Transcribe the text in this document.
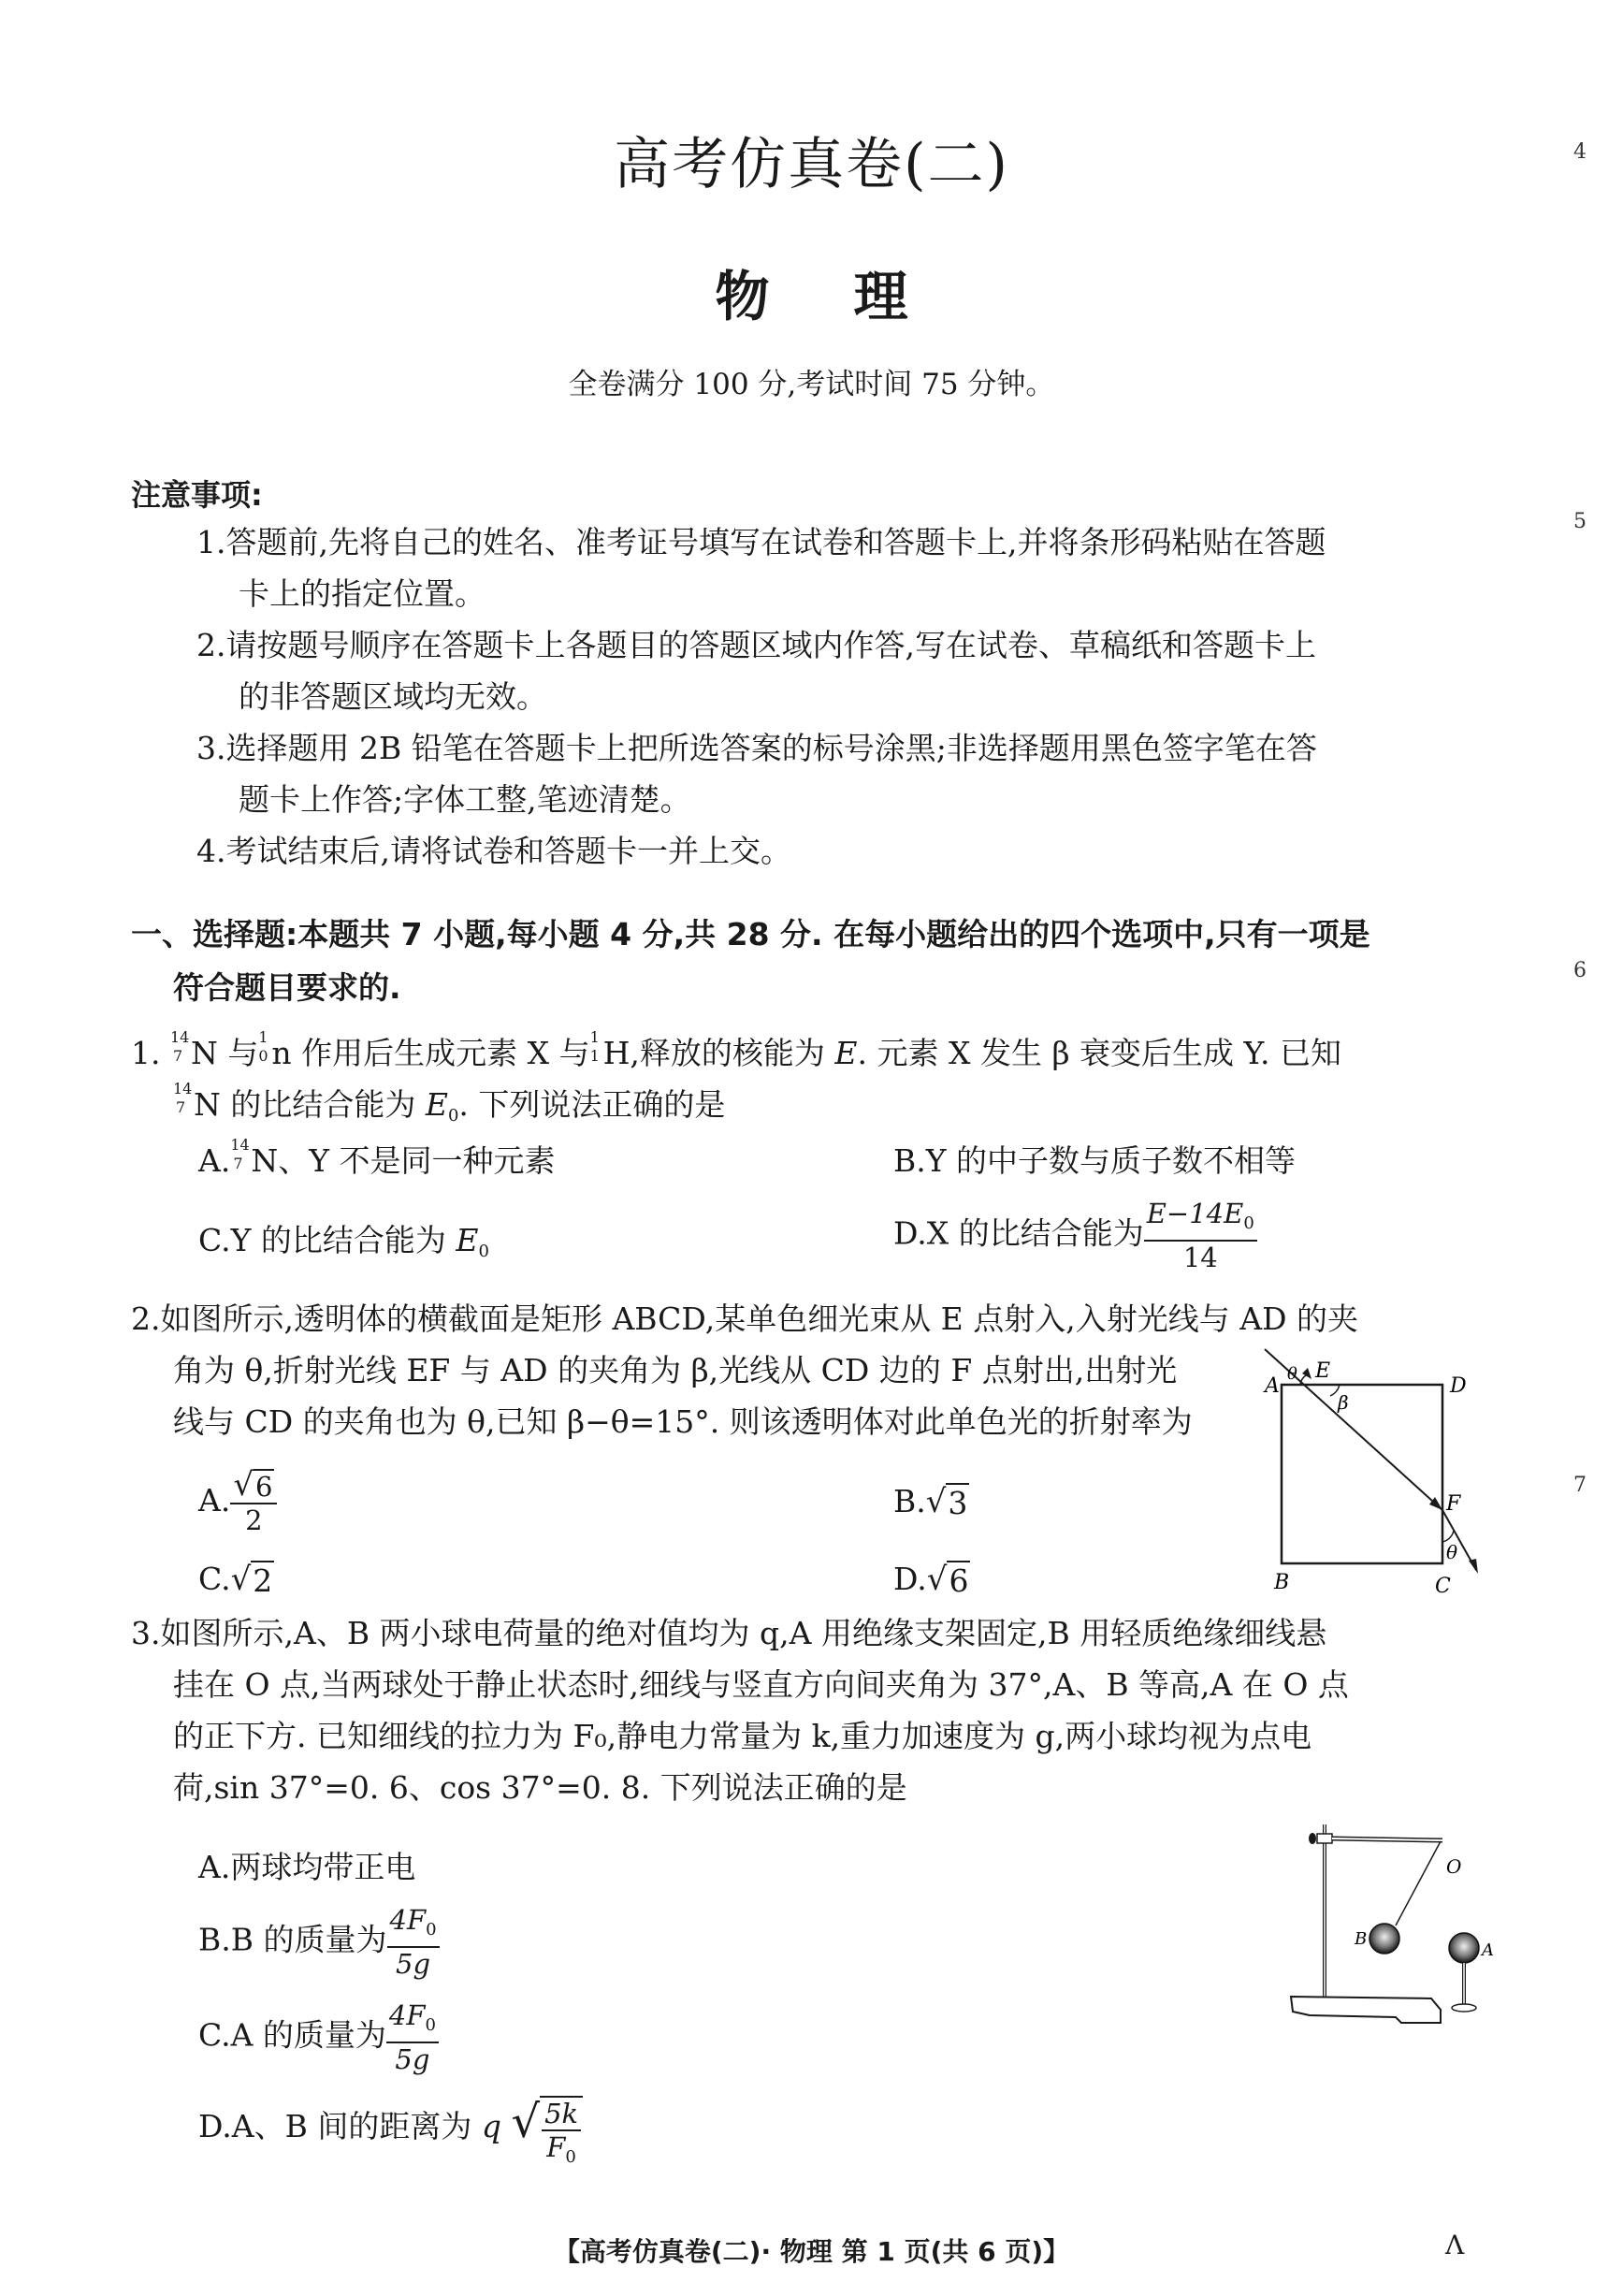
高考仿真卷(二)
物理
全卷满分 100 分,考试时间 75 分钟。
注意事项:
1.答题前,先将自己的姓名、准考证号填写在试卷和答题卡上,并将条形码粘贴在答题
卡上的指定位置。
2.请按题号顺序在答题卡上各题目的答题区域内作答,写在试卷、草稿纸和答题卡上
的非答题区域均无效。
3.选择题用 2B 铅笔在答题卡上把所选答案的标号涂黑;非选择题用黑色签字笔在答
题卡上作答;字体工整,笔迹清楚。
4.考试结束后,请将试卷和答题卡一并上交。
一、选择题:本题共 7 小题,每小题 4 分,共 28 分. 在每小题给出的四个选项中,只有一项是
符合题目要求的.
1. 14
7 N 与 1
0 n 作用后生成元素 X 与 1
1 H,释放的核能为 E. 元素 X 发生 β 衰变后生成 Y. 已知
14
7 N 的比结合能为 E0. 下列说法正确的是
A. 14
7 N、Y 不是同一种元素	B.Y 的中子数与质子数不相等
C.Y 的比结合能为 E0	D.X 的比结合能为 $\frac{E-14E_0}{14}$
2.如图所示,透明体的横截面是矩形 ABCD,某单色细光束从 E 点射入,入射光线与 AD 的夹
角为 θ,折射光线 EF 与 AD 的夹角为 β,光线从 CD 边的 F 点射出,出射光
线与 CD 的夹角也为 θ,已知 β−θ=15°. 则该透明体对此单色光的折射率为
A. $\frac{√ 6}{2}$	B. √ 3
C. √ 2	D. √ 6
A
θ E
D
β
F
θ
B	C
3.如图所示,A、B 两小球电荷量的绝对值均为 q,A 用绝缘支架固定,B 用轻质绝缘细线悬
挂在 O 点,当两球处于静止状态时,细线与竖直方向间夹角为 37°,A、B 等高,A 在 O 点
的正下方. 已知细线的拉力为 F₀,静电力常量为 k,重力加速度为 g,两小球均视为点电
荷,sin 37°=0. 6、cos 37°=0. 8. 下列说法正确的是
A.两球均带正电
B.B 的质量为 $\frac{4F_0}{5g}$
C.A 的质量为 $\frac{4F_0}{5g}$
D.A、B 间的距离为 q √ $\frac{5k}{F_0}$
O
B
A
【高考仿真卷(二)· 物理 第 1 页(共 6 页)】	Λ
4
5
6
7
